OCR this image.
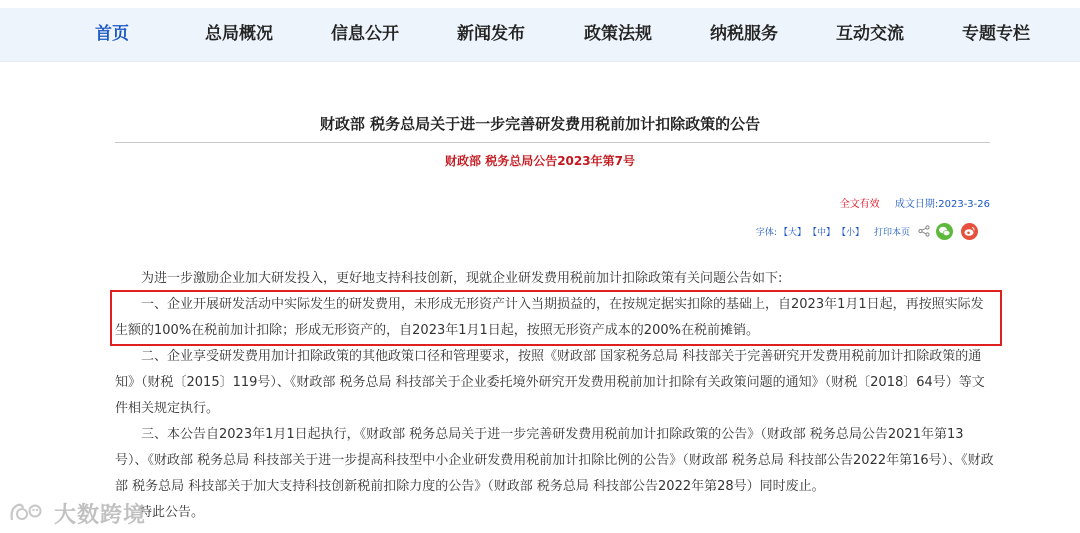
首页	总局概况	信息公开	新闻发布	政策法规	纳税服务	互动交流	专题专栏
财政部 税务总局关于进一步完善研发费用税前加计扣除政策的公告
财政部 税务总局公告2023年第7号
全文有效 成文日期:2023-3-26
字体: 【大】 【中】 【小】 打印本页

为进一步激励企业加大研发投入，更好地支持科技创新，现就企业研发费用税前加计扣除政策有关问题公告如下:

一、企业开展研发活动中实际发生的研发费用，未形成无形资产计入当期损益的，在按规定据实扣除的基础上，自2023年1月1日起，再按照实际发生额的100%在税前加计扣除；形成无形资产的，自2023年1月1日起，按照无形资产成本的200%在税前摊销。

二、企业享受研发费用加计扣除政策的其他政策口径和管理要求，按照《财政部 国家税务总局 科技部关于完善研究开发费用税前加计扣除政策的通知》（财税〔2015〕119号）、《财政部 税务总局 科技部关于企业委托境外研究开发费用税前加计扣除有关政策问题的通知》（财税〔2018〕64号）等文件相关规定执行。

三、本公告自2023年1月1日起执行，《财政部 税务总局关于进一步完善研发费用税前加计扣除政策的公告》（财政部 税务总局公告2021年第13号）、《财政部 税务总局 科技部关于进一步提高科技型中小企业研发费用税前加计扣除比例的公告》（财政部 税务总局 科技部公告2022年第16号）、《财政部 税务总局 科技部关于加大支持科技创新税前扣除力度的公告》（财政部 税务总局 科技部公告2022年第28号）同时废止。

特此公告。

大数跨境
